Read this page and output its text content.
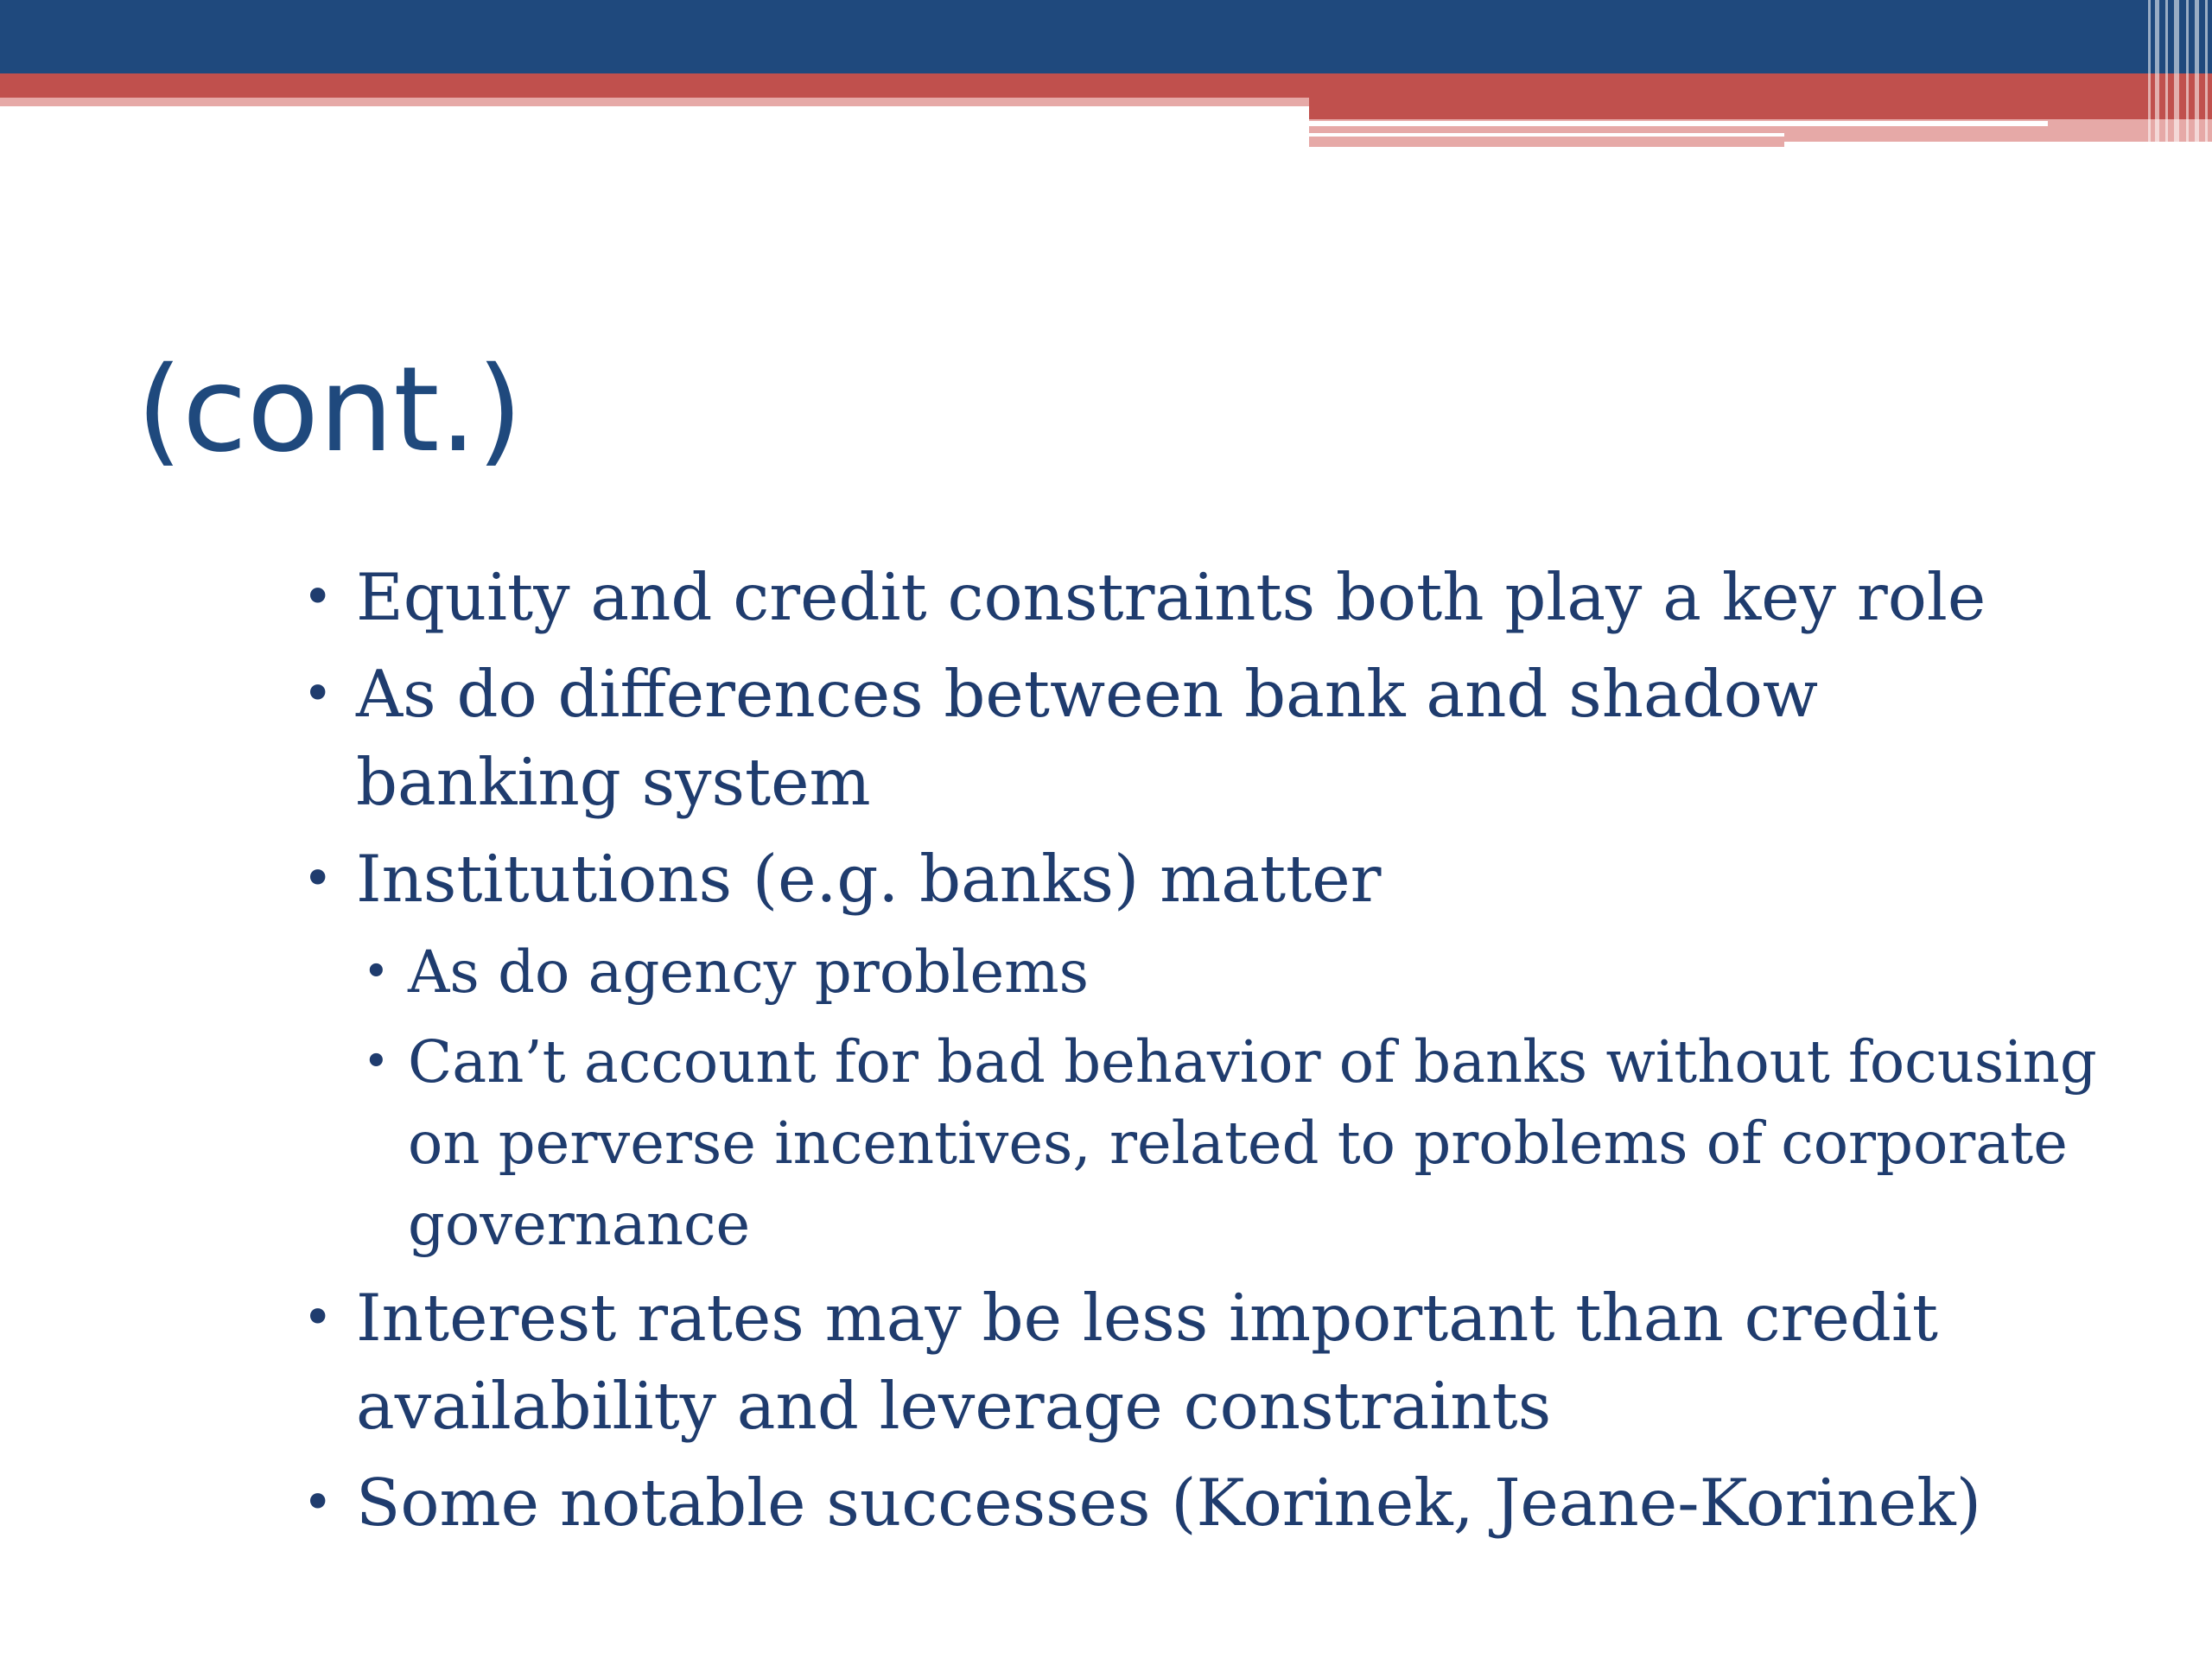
(cont.)
• Equity and credit constraints both play a key role
• As do differences between bank and shadow banking system
• Institutions (e.g. banks) matter
• As do agency problems
• Can’t account for bad behavior of banks without focusing on perverse incentives, related to problems of corporate governance
• Interest rates may be less important than credit availability and leverage constraints
• Some notable successes (Korinek, Jeane-Korinek)
